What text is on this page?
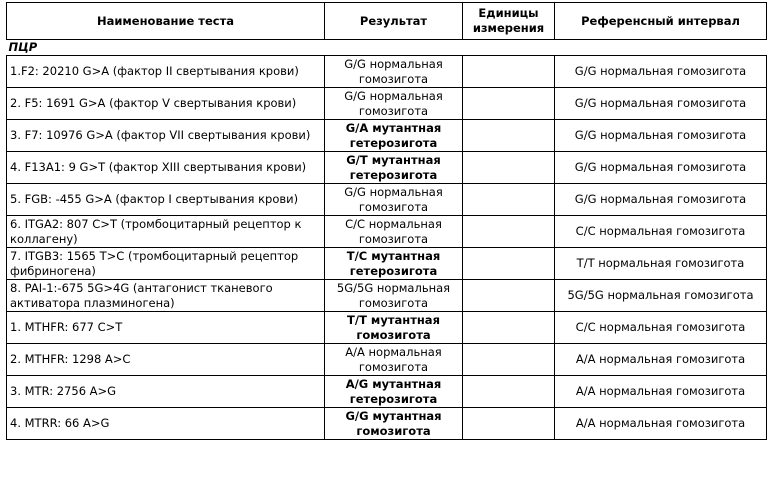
Наименование теста	Результат	Единицы измерения	Референсный интервал
ПЦР			
1.F2: 20210 G>A (фактор II свертывания крови)	G/G нормальная гомозигота		G/G нормальная гомозигота
2. F5: 1691 G>A (фактор V свертывания крови)	G/G нормальная гомозигота		G/G нормальная гомозигота
3. F7: 10976 G>A (фактор VII свертывания крови)	G/A мутантная гетерозигота		G/G нормальная гомозигота
4. F13A1: 9 G>T (фактор XIII свертывания крови)	G/T мутантная гетерозигота		G/G нормальная гомозигота
5. FGB: -455 G>A (фактор I свертывания крови)	G/G нормальная гомозигота		G/G нормальная гомозигота
6. ITGA2: 807 C>T (тромбоцитарный рецептор к коллагену)	C/C нормальная гомозигота		C/C нормальная гомозигота
7. ITGB3: 1565 T>C (тромбоцитарный рецептор фибриногена)	T/C мутантная гетерозигота		T/T нормальная гомозигота
8. PAI-1:-675 5G>4G (антагонист тканевого активатора плазминогена)	5G/5G нормальная гомозигота		5G/5G нормальная гомозигота
1. MTHFR: 677 C>T	T/T мутантная гомозигота		C/C нормальная гомозигота
2. MTHFR: 1298 A>C	A/A нормальная гомозигота		A/A нормальная гомозигота
3. MTR: 2756 A>G	A/G мутантная гетерозигота		A/A нормальная гомозигота
4. MTRR: 66 A>G	G/G мутантная гомозигота		A/A нормальная гомозигота
